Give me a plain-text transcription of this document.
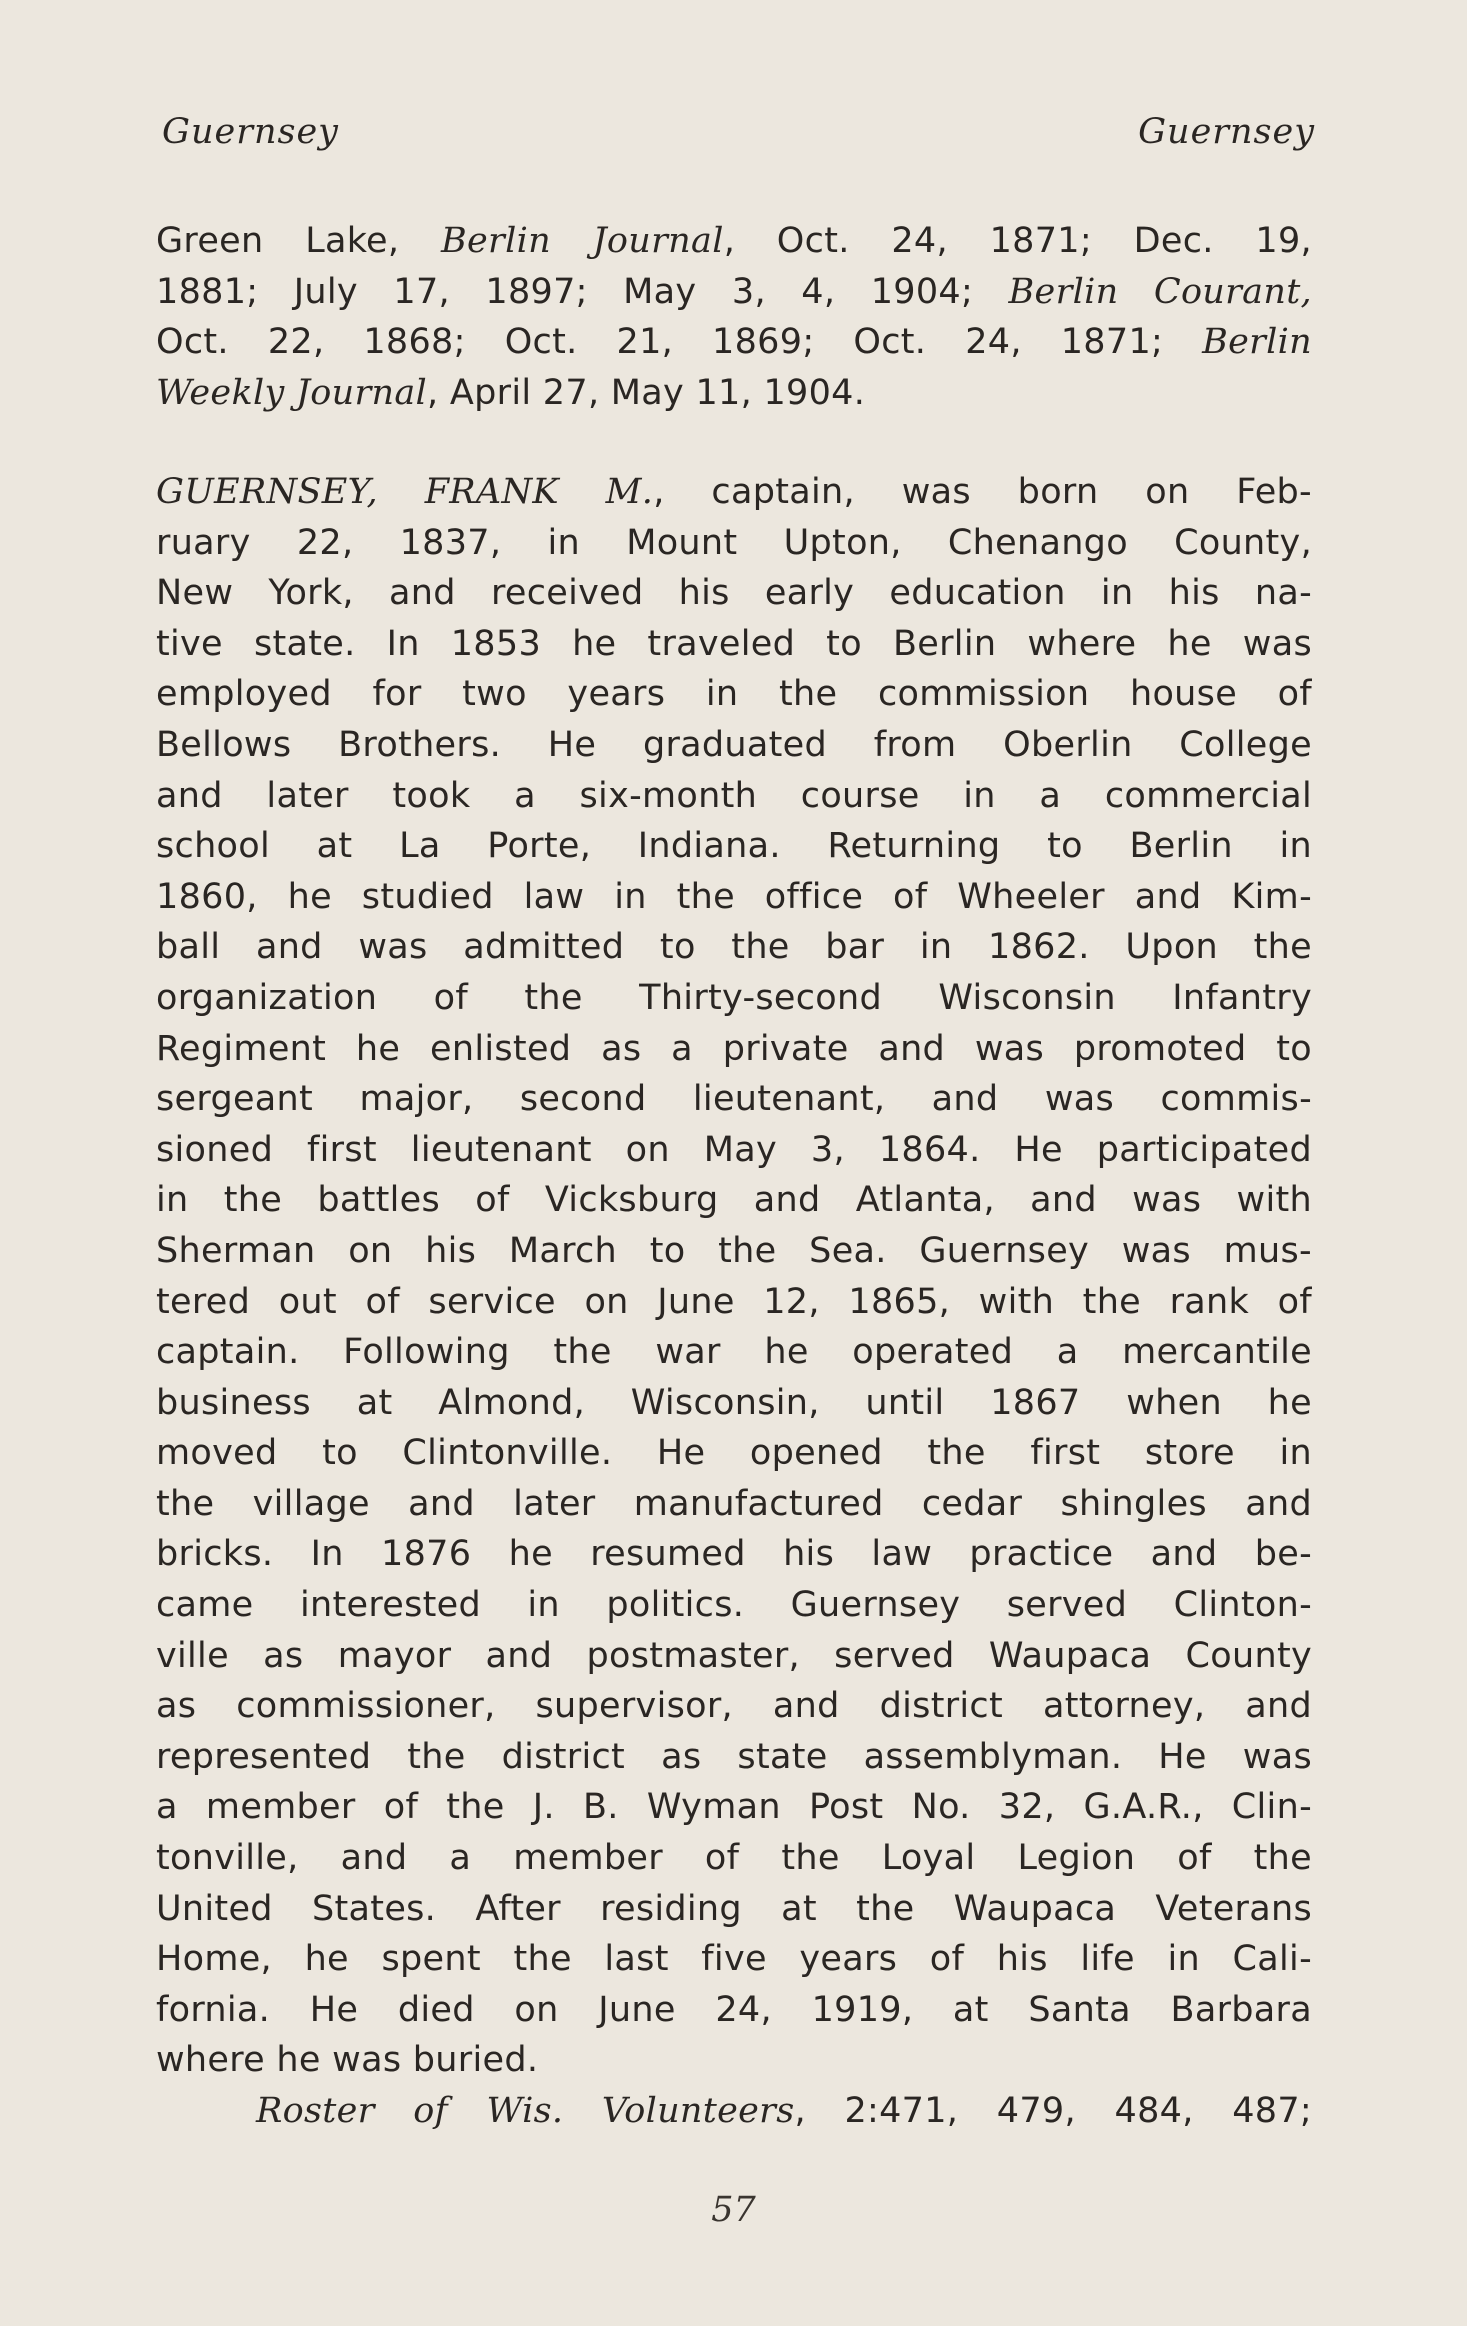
Guernsey	Guernsey
Green Lake, Berlin Journal, Oct. 24, 1871; Dec. 19,
1881; July 17, 1897; May 3, 4, 1904; Berlin Courant,
Oct. 22, 1868; Oct. 21, 1869; Oct. 24, 1871; Berlin
Weekly Journal, April 27, May 11, 1904.
GUERNSEY, FRANK M., captain, was born on Feb-
ruary 22, 1837, in Mount Upton, Chenango County,
New York, and received his early education in his na-
tive state. In 1853 he traveled to Berlin where he was
employed for two years in the commission house of
Bellows Brothers. He graduated from Oberlin College
and later took a six-month course in a commercial
school at La Porte, Indiana. Returning to Berlin in
1860, he studied law in the office of Wheeler and Kim-
ball and was admitted to the bar in 1862. Upon the
organization of the Thirty-second Wisconsin Infantry
Regiment he enlisted as a private and was promoted to
sergeant major, second lieutenant, and was commis-
sioned first lieutenant on May 3, 1864. He participated
in the battles of Vicksburg and Atlanta, and was with
Sherman on his March to the Sea. Guernsey was mus-
tered out of service on June 12, 1865, with the rank of
captain. Following the war he operated a mercantile
business at Almond, Wisconsin, until 1867 when he
moved to Clintonville. He opened the first store in
the village and later manufactured cedar shingles and
bricks. In 1876 he resumed his law practice and be-
came interested in politics. Guernsey served Clinton-
ville as mayor and postmaster, served Waupaca County
as commissioner, supervisor, and district attorney, and
represented the district as state assemblyman. He was
a member of the J. B. Wyman Post No. 32, G.A.R., Clin-
tonville, and a member of the Loyal Legion of the
United States. After residing at the Waupaca Veterans
Home, he spent the last five years of his life in Cali-
fornia. He died on June 24, 1919, at Santa Barbara
where he was buried.
Roster of Wis. Volunteers, 2:471, 479, 484, 487;
57
